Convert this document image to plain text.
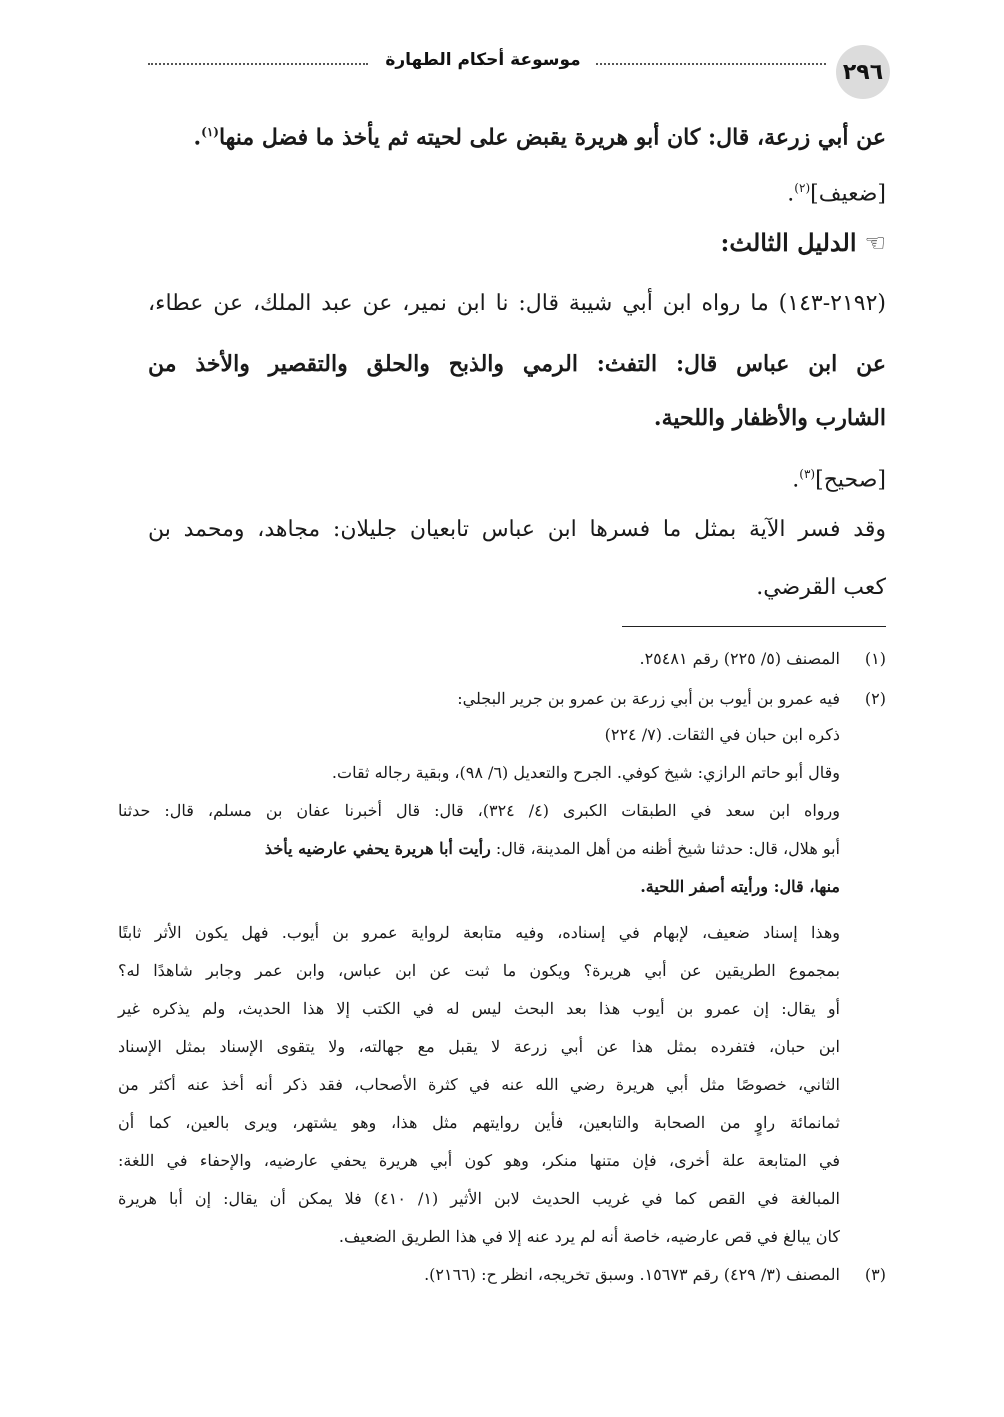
٢٩٦
موسوعة أحكام الطهارة
عن أبي زرعة، قال: كان أبو هريرة يقبض على لحيته ثم يأخذ ما فضل منها$^{(١)}$.
[ضعيف]$^{(٢)}$.
☜
الدليل الثالث:
(٢١٩٢-١٤٣) ما رواه ابن أبي شيبة قال: نا ابن نمير، عن عبد الملك، عن عطاء،
عن ابن عباس قال: التفث: الرمي والذبح والحلق والتقصير والأخذ من
الشارب والأظفار واللحية.
[صحيح]$^{(٣)}$.
وقد فسر الآية بمثل ما فسرها ابن عباس تابعيان جليلان: مجاهد، ومحمد بن
كعب القرضي.
(١)
المصنف (٥/ ٢٢٥) رقم ٢٥٤٨١.
(٢)
فيه عمرو بن أيوب بن أبي زرعة بن عمرو بن جرير البجلي:
ذكره ابن حبان في الثقات. (٧/ ٢٢٤)
وقال أبو حاتم الرازي: شيخ كوفي. الجرح والتعديل (٦/ ٩٨)، وبقية رجاله ثقات.
ورواه ابن سعد في الطبقات الكبرى (٤/ ٣٢٤)، قال: قال أخبرنا عفان بن مسلم، قال: حدثنا
أبو هلال، قال: حدثنا شيخ أظنه من أهل المدينة، قال: رأيت أبا هريرة يحفي عارضيه يأخذ
منها، قال: ورأيته أصفر اللحية.
وهذا إسناد ضعيف، لإبهام في إسناده، وفيه متابعة لرواية عمرو بن أيوب. فهل يكون الأثر ثابتًا
بمجموع الطريقين عن أبي هريرة؟ ويكون ما ثبت عن ابن عباس، وابن عمر وجابر شاهدًا له؟
أو يقال: إن عمرو بن أيوب هذا بعد البحث ليس له في الكتب إلا هذا الحديث، ولم يذكره غير
ابن حبان، فتفرده بمثل هذا عن أبي زرعة لا يقبل مع جهالته، ولا يتقوى الإسناد بمثل الإسناد
الثاني، خصوصًا مثل أبي هريرة رضي الله عنه في كثرة الأصحاب، فقد ذكر أنه أخذ عنه أكثر من
ثمانمائة راوٍ من الصحابة والتابعين، فأين روايتهم مثل هذا، وهو يشتهر، ويرى بالعين، كما أن
في المتابعة علة أخرى، فإن متنها منكر، وهو كون أبي هريرة يحفي عارضيه، والإحفاء في اللغة:
المبالغة في القص كما في غريب الحديث لابن الأثير (١/ ٤١٠) فلا يمكن أن يقال: إن أبا هريرة
كان يبالغ في قص عارضيه، خاصة أنه لم يرد عنه إلا في هذا الطريق الضعيف.
(٣)
المصنف (٣/ ٤٢٩) رقم ١٥٦٧٣. وسبق تخريجه، انظر ح: (٢١٦٦).
